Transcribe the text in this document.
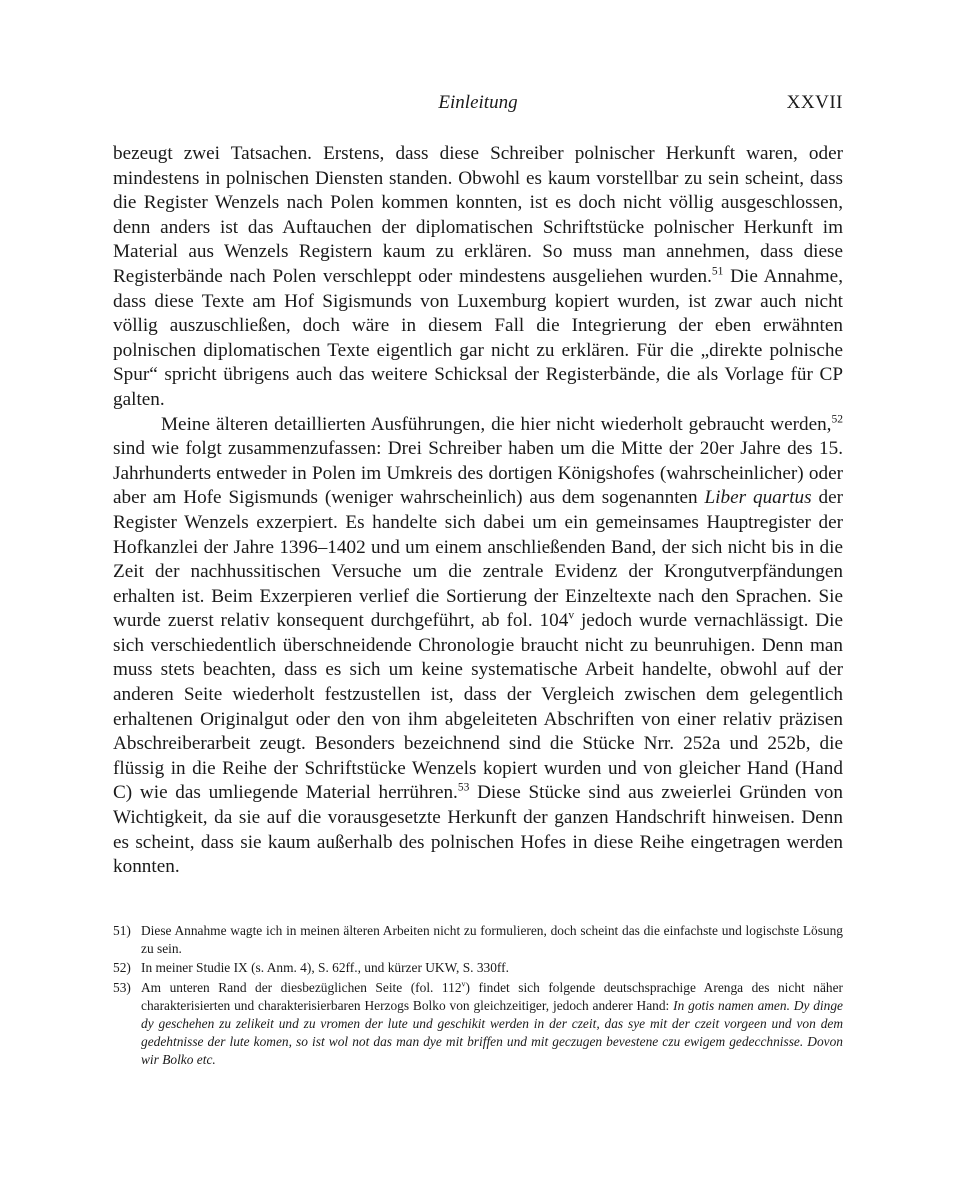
Einleitung	XXVII

bezeugt zwei Tatsachen. Erstens, dass diese Schreiber polnischer Herkunft waren, oder mindestens in polnischen Diensten standen. Obwohl es kaum vorstellbar zu sein scheint, dass die Register Wenzels nach Polen kommen konnten, ist es doch nicht völlig ausgeschlossen, denn anders ist das Auftauchen der diplomatischen Schriftstücke polnischer Herkunft im Material aus Wenzels Registern kaum zu erklären. So muss man annehmen, dass diese Registerbände nach Polen verschleppt oder mindestens ausgeliehen wurden.$^{51}$ Die Annahme, dass diese Texte am Hof Sigismunds von Luxemburg kopiert wurden, ist zwar auch nicht völlig auszuschließen, doch wäre in diesem Fall die Integrierung der eben erwähnten polnischen diplomatischen Texte eigentlich gar nicht zu erklären. Für die „direkte polnische Spur“ spricht übrigens auch das weitere Schicksal der Registerbände, die als Vorlage für CP galten.

Meine älteren detaillierten Ausführungen, die hier nicht wiederholt gebraucht werden,$^{52}$ sind wie folgt zusammenzufassen: Drei Schreiber haben um die Mitte der 20er Jahre des 15. Jahrhunderts entweder in Polen im Umkreis des dortigen Königshofes (wahrscheinlicher) oder aber am Hofe Sigismunds (weniger wahrscheinlich) aus dem sogenannten Liber quartus der Register Wenzels exzerpiert. Es handelte sich dabei um ein gemeinsames Hauptregister der Hofkanzlei der Jahre 1396–1402 und um einem anschließenden Band, der sich nicht bis in die Zeit der nachhussitischen Versuche um die zentrale Evidenz der Krongutverpfändungen erhalten ist. Beim Exzerpieren verlief die Sortierung der Einzeltexte nach den Sprachen. Sie wurde zuerst relativ konsequent durchgeführt, ab fol. 104$^v$ jedoch wurde vernachlässigt. Die sich verschiedentlich überschneidende Chronologie braucht nicht zu beunruhigen. Denn man muss stets beachten, dass es sich um keine systematische Arbeit handelte, obwohl auf der anderen Seite wiederholt festzustellen ist, dass der Vergleich zwischen dem gelegentlich erhaltenen Originalgut oder den von ihm abgeleiteten Abschriften von einer relativ präzisen Abschreiberarbeit zeugt. Besonders bezeichnend sind die Stücke Nrr. 252a und 252b, die flüssig in die Reihe der Schriftstücke Wenzels kopiert wurden und von gleicher Hand (Hand C) wie das umliegende Material herrühren.$^{53}$ Diese Stücke sind aus zweierlei Gründen von Wichtigkeit, da sie auf die vorausgesetzte Herkunft der ganzen Handschrift hinweisen. Denn es scheint, dass sie kaum außerhalb des polnischen Hofes in diese Reihe eingetragen werden konnten.

51) Diese Annahme wagte ich in meinen älteren Arbeiten nicht zu formulieren, doch scheint das die einfachste und logischste Lösung zu sein.
52) In meiner Studie IX (s. Anm. 4), S. 62ff., und kürzer UKW, S. 330ff.
53) Am unteren Rand der diesbezüglichen Seite (fol. 112$^v$) findet sich folgende deutschsprachige Arenga des nicht näher charakterisierten und charakterisierbaren Herzogs Bolko von gleichzeitiger, jedoch anderer Hand: In gotis namen amen. Dy dinge dy geschehen zu zelikeit und zu vromen der lute und geschikit werden in der czeit, das sye mit der czeit vorgeen und von dem gedehtnisse der lute komen, so ist wol not das man dye mit briffen und mit geczugen bevestene czu ewigem gedecchnisse. Dovon wir Bolko etc.
